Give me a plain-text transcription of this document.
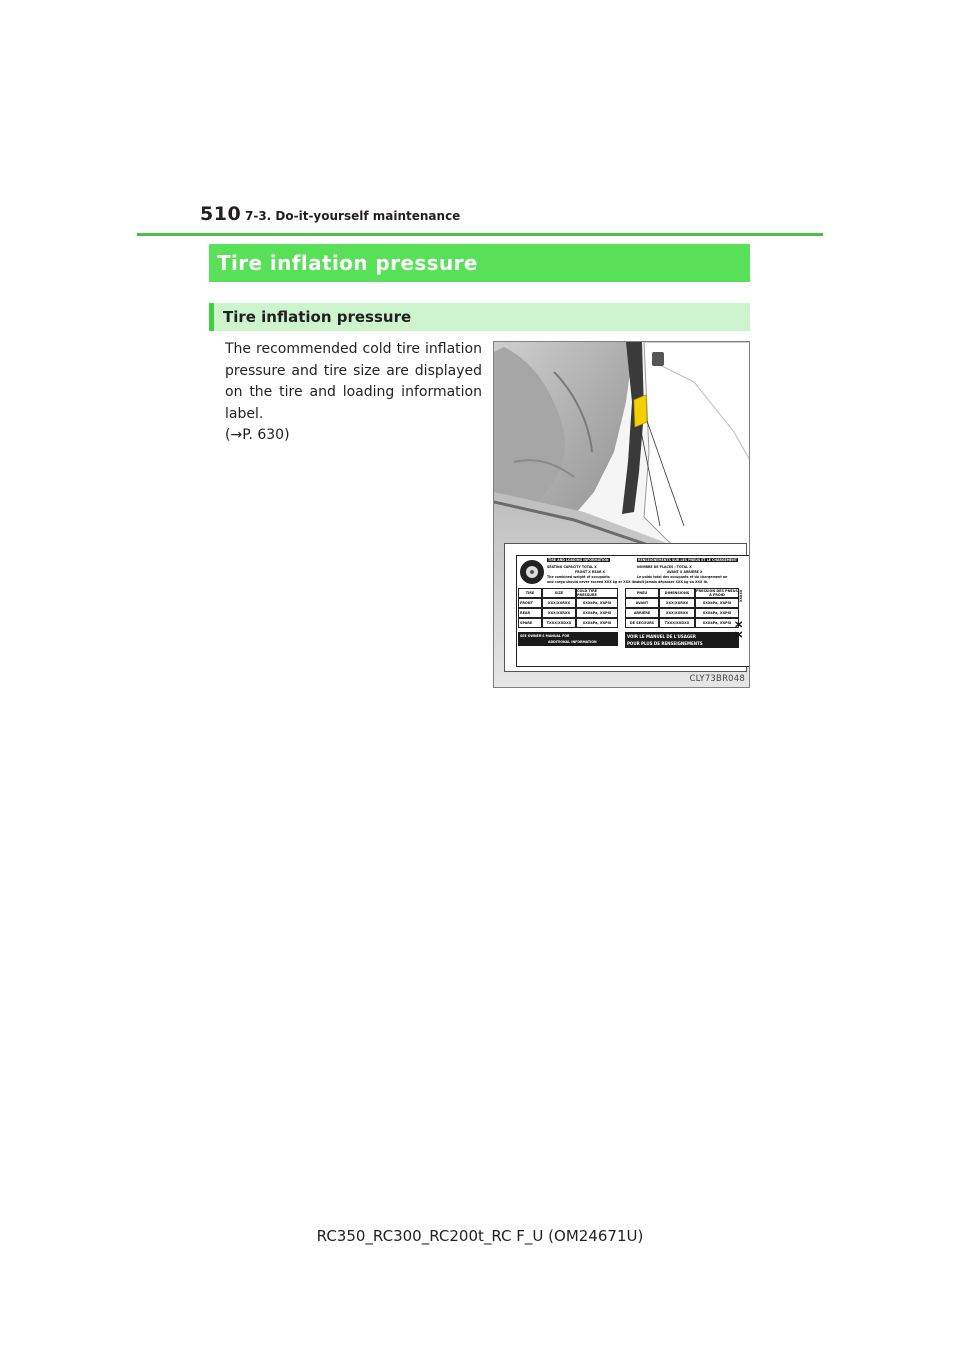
510 7-3. Do-it-yourself maintenance
Tire inflation pressure
Tire inflation pressure
The recommended cold tire inflation pressure and tire size are displayed on the tire and loading information label.
(→P. 630)
TIRE AND LOADING INFORMATION	RENSEIGNEMENTS SUR LES PNEUS ET LE CHARGEMENT
SEATING CAPACITY TOTAL X
FRONT X REAR X
The combined weight of occupants
and cargo should never exceed XXX kg or XXX lbs.
NOMBRE DE PLACES : TOTAL X
AVANT X ARRIÈRE X
Le poids total des occupants et du chargement ne
doit jamais dépasser XXX kg ou XXX lb.
TIRE	SIZE	COLD TIRE PRESSURE
FRONT	XXX/XXRXX	XXXkPa, XXPSI
REAR	XXX/XXRXX	XXXkPa, XXPSI
SPARE	TXXX/XXDXX	XXXkPa, XXPSI
PNEU	DIMENSIONS	PRESSION DES PNEUS À FROID
AVANT	XXX/XXRXX	XXXkPa, XXPSI
ARRIÈRE	XXX/XXRXX	XXXkPa, XXPSI
DE SECOURS	TXXX/XXDXX	XXXkPa, XXPSI
SEE OWNER'S MANUAL FOR
ADDITIONAL INFORMATION
VOIR LE MANUEL DE L'USAGER
POUR PLUS DE RENSEIGNEMENTS
XXXXX
X X
CLY73BR048
RC350_RC300_RC200t_RC F_U (OM24671U)
